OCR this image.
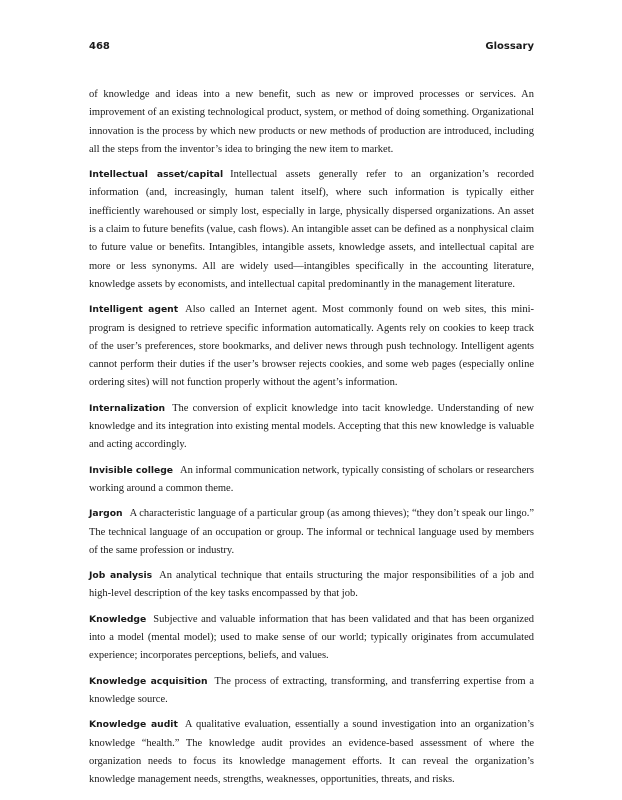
468	Glossary

of knowledge and ideas into a new benefit, such as new or improved processes or services. An improvement of an existing technological product, system, or method of doing something. Organizational innovation is the process by which new products or new methods of production are introduced, including all the steps from the inventor’s idea to bringing the new item to market.

Intellectual asset/capital Intellectual assets generally refer to an organization’s recorded information (and, increasingly, human talent itself), where such information is typically either inefficiently warehoused or simply lost, especially in large, physically dispersed organizations. An asset is a claim to future benefits (value, cash flows). An intangible asset can be defined as a nonphysical claim to future value or benefits. Intangibles, intangible assets, knowledge assets, and intellectual capital are more or less synonyms. All are widely used—intangibles specifically in the accounting literature, knowledge assets by economists, and intellectual capital predominantly in the management literature.

Intelligent agent Also called an Internet agent. Most commonly found on web sites, this mini-program is designed to retrieve specific information automatically. Agents rely on cookies to keep track of the user’s preferences, store bookmarks, and deliver news through push technology. Intelligent agents cannot perform their duties if the user’s browser rejects cookies, and some web pages (especially online ordering sites) will not function properly without the agent’s information.

Internalization The conversion of explicit knowledge into tacit knowledge. Understanding of new knowledge and its integration into existing mental models. Accepting that this new knowledge is valuable and acting accordingly.

Invisible college An informal communication network, typically consisting of scholars or researchers working around a common theme.

Jargon A characteristic language of a particular group (as among thieves); “they don’t speak our lingo.” The technical language of an occupation or group. The informal or technical language used by members of the same profession or industry.

Job analysis An analytical technique that entails structuring the major responsibilities of a job and high-level description of the key tasks encompassed by that job.

Knowledge Subjective and valuable information that has been validated and that has been organized into a model (mental model); used to make sense of our world; typically originates from accumulated experience; incorporates perceptions, beliefs, and values.

Knowledge acquisition The process of extracting, transforming, and transferring expertise from a knowledge source.

Knowledge audit A qualitative evaluation, essentially a sound investigation into an organization’s knowledge “health.” The knowledge audit provides an evidence-based assessment of where the organization needs to focus its knowledge management efforts. It can reveal the organization’s knowledge management needs, strengths, weaknesses, opportunities, threats, and risks.
